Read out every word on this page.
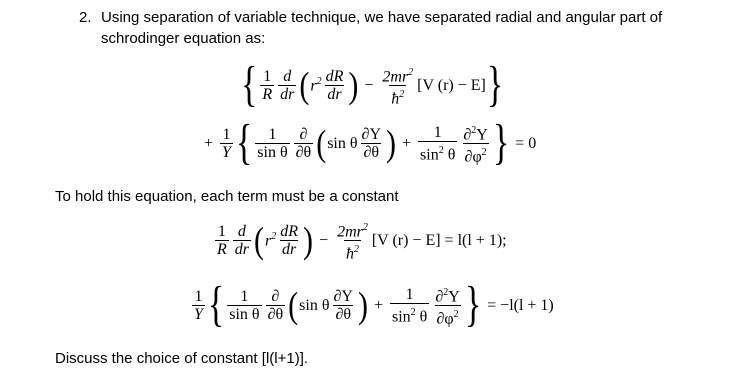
2. Using separation of variable technique, we have separated radial and angular part of
schrodinger equation as:
{ $\frac{1}{R} \frac{d}{dr}$ ( $r^2 \frac{dR}{dr}$ ) − $\frac{2mr^2}{ħ^2} [V$ (r) − E] }
+ $\frac{1}{Y}$ { $\frac{1}{\text{sin θ}} \frac{\partial}{\partial\theta}$ ( sin θ $\frac{\partial Y}{\partial\theta}$ ) + $\frac{1}{\sin^2 \theta} \frac{\partial^2Y}{\partial\varphi^2}$ } = 0
To hold this equation, each term must be a constant
$\frac{1}{R} \frac{d}{dr}$ ( $r^2 \frac{dR}{dr}$ ) − $\frac{2mr^2}{ħ^2} [V$ (r) − E] = l(l + 1);
$\frac{1}{Y}$ { $\frac{1}{\text{sin θ}} \frac{\partial}{\partial\theta}$ ( sin θ $\frac{\partial Y}{\partial\theta}$ ) + $\frac{1}{\sin^2 \theta} \frac{\partial^2Y}{\partial\varphi^2}$ } = −l(l + 1)
Discuss the choice of constant [l(l+1)].
